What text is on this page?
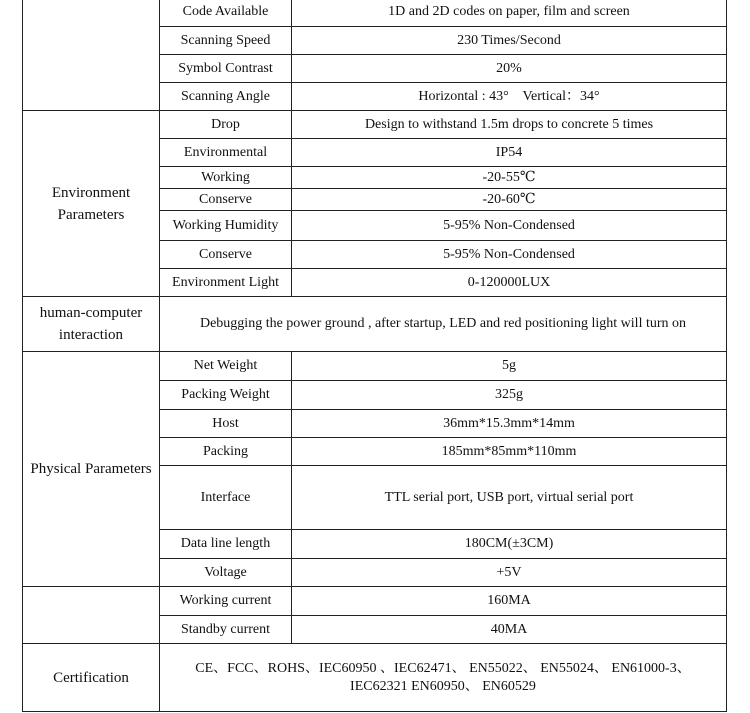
	Code Available	1D and 2D codes on paper, film and screen
	Scanning Speed	230 Times/Second
	Symbol Contrast	20%
	Scanning Angle	Horizontal : 43°    Vertical：34°
Environment Parameters	Drop	Design to withstand 1.5m drops to concrete 5 times
	Environmental	IP54
	Working	-20-55℃
	Conserve	-20-60℃
	Working Humidity	5-95% Non-Condensed
	Conserve	5-95% Non-Condensed
	Environment Light	0-120000LUX
human-computer interaction	Debugging the power ground , after startup, LED and red positioning light will turn on	
Physical Parameters	Net Weight	5g
	Packing Weight	325g
	Host	36mm*15.3mm*14mm
	Packing	185mm*85mm*110mm
	Interface	TTL serial port, USB port, virtual serial port
	Data line length	180CM(±3CM)
	Voltage	+5V
	Working current	160MA
	Standby current	40MA
Certification	CE、FCC、ROHS、IEC60950 、IEC62471、 EN55022、 EN55024、 EN61000-3、
IEC62321 EN60950、 EN60529	
